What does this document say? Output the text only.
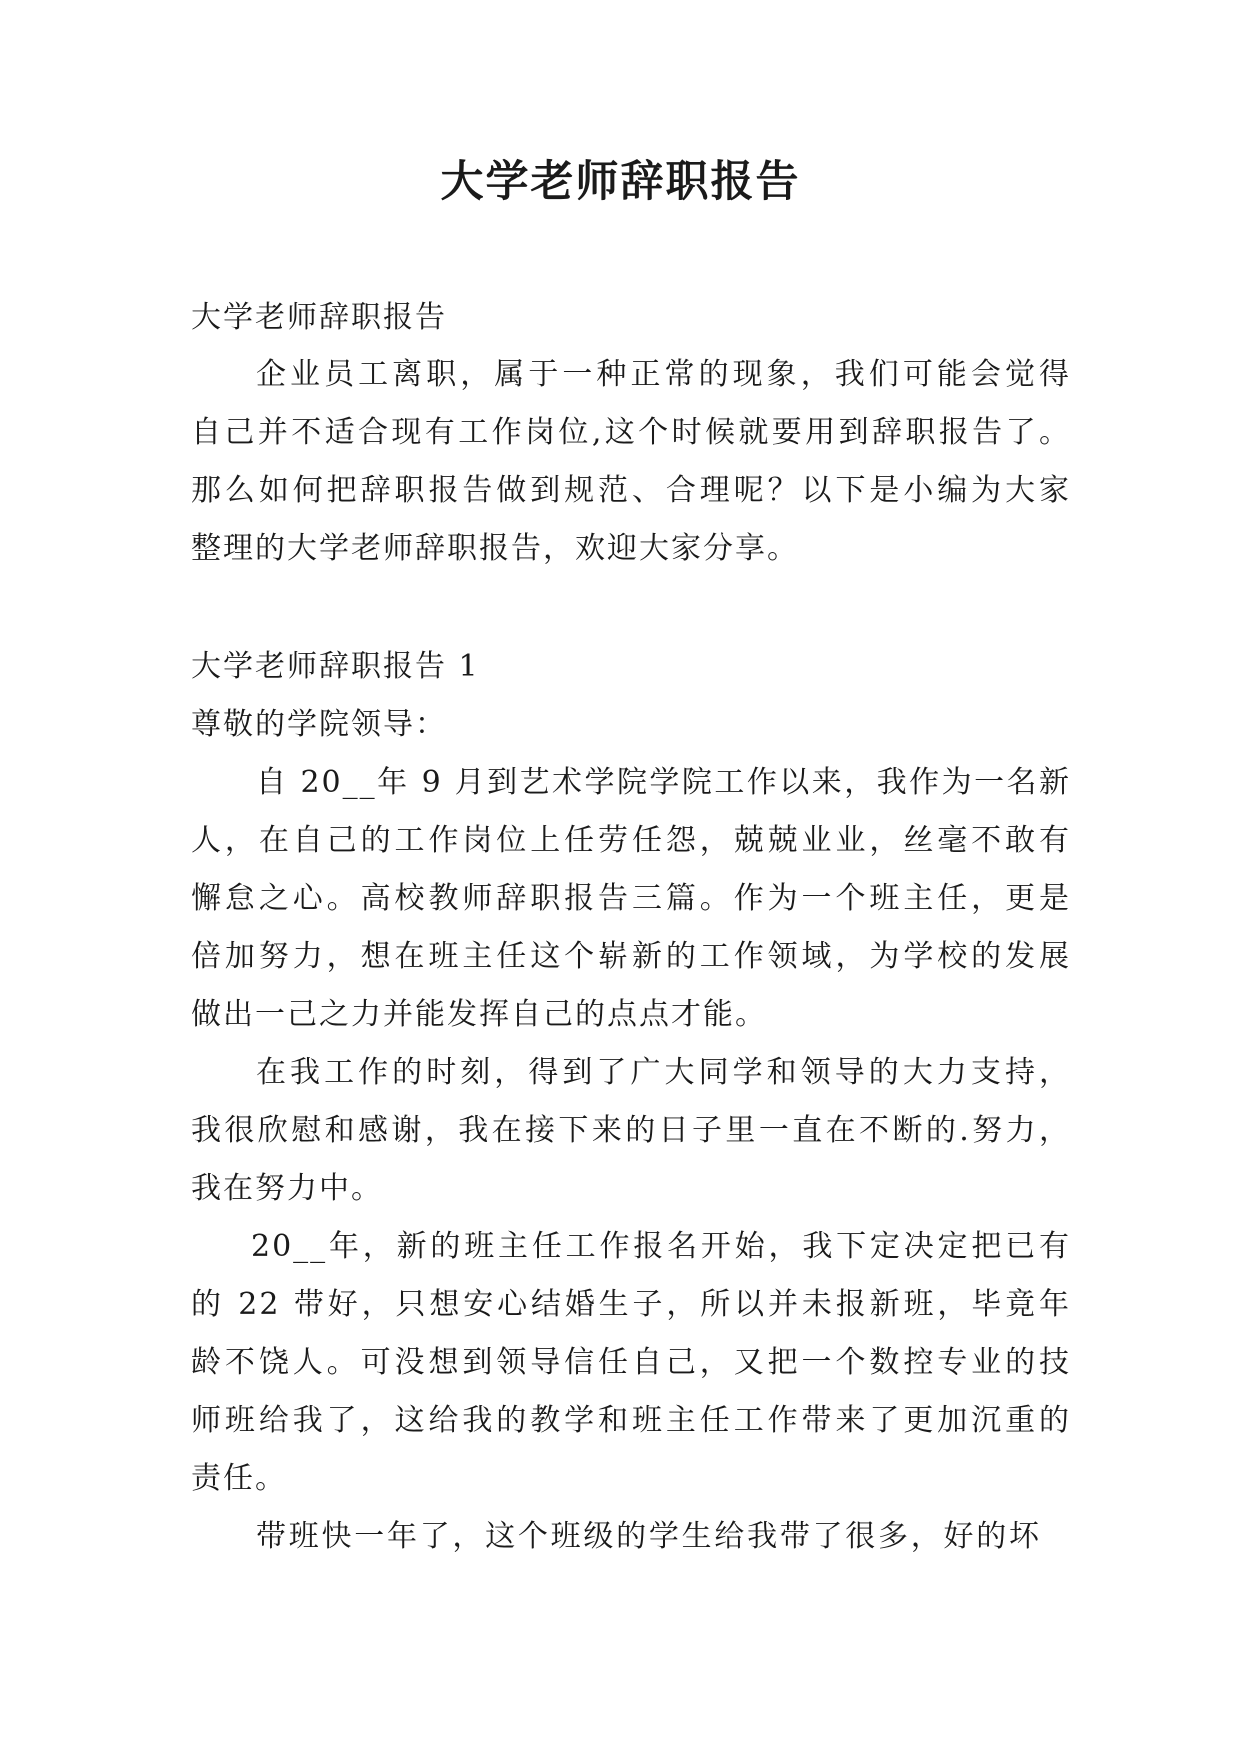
大学老师辞职报告

大学老师辞职报告

企业员工离职，属于一种正常的现象，我们可能会觉得

自己并不适合现有工作岗位,这个时候就要用到辞职报告了。

那么如何把辞职报告做到规范、合理呢？以下是小编为大家

整理的大学老师辞职报告，欢迎大家分享。

大学老师辞职报告 1

尊敬的学院领导：

自 20__年 9 月到艺术学院学院工作以来，我作为一名新

人，在自己的工作岗位上任劳任怨，兢兢业业，丝毫不敢有

懈怠之心。高校教师辞职报告三篇。作为一个班主任，更是

倍加努力，想在班主任这个崭新的工作领域，为学校的发展

做出一己之力并能发挥自己的点点才能。

在我工作的时刻，得到了广大同学和领导的大力支持，

我很欣慰和感谢，我在接下来的日子里一直在不断的.努力，

我在努力中。

20__年，新的班主任工作报名开始，我下定决定把已有

的 22 带好，只想安心结婚生子，所以并未报新班，毕竟年

龄不饶人。可没想到领导信任自己，又把一个数控专业的技

师班给我了，这给我的教学和班主任工作带来了更加沉重的

责任。

带班快一年了，这个班级的学生给我带了很多，好的坏
